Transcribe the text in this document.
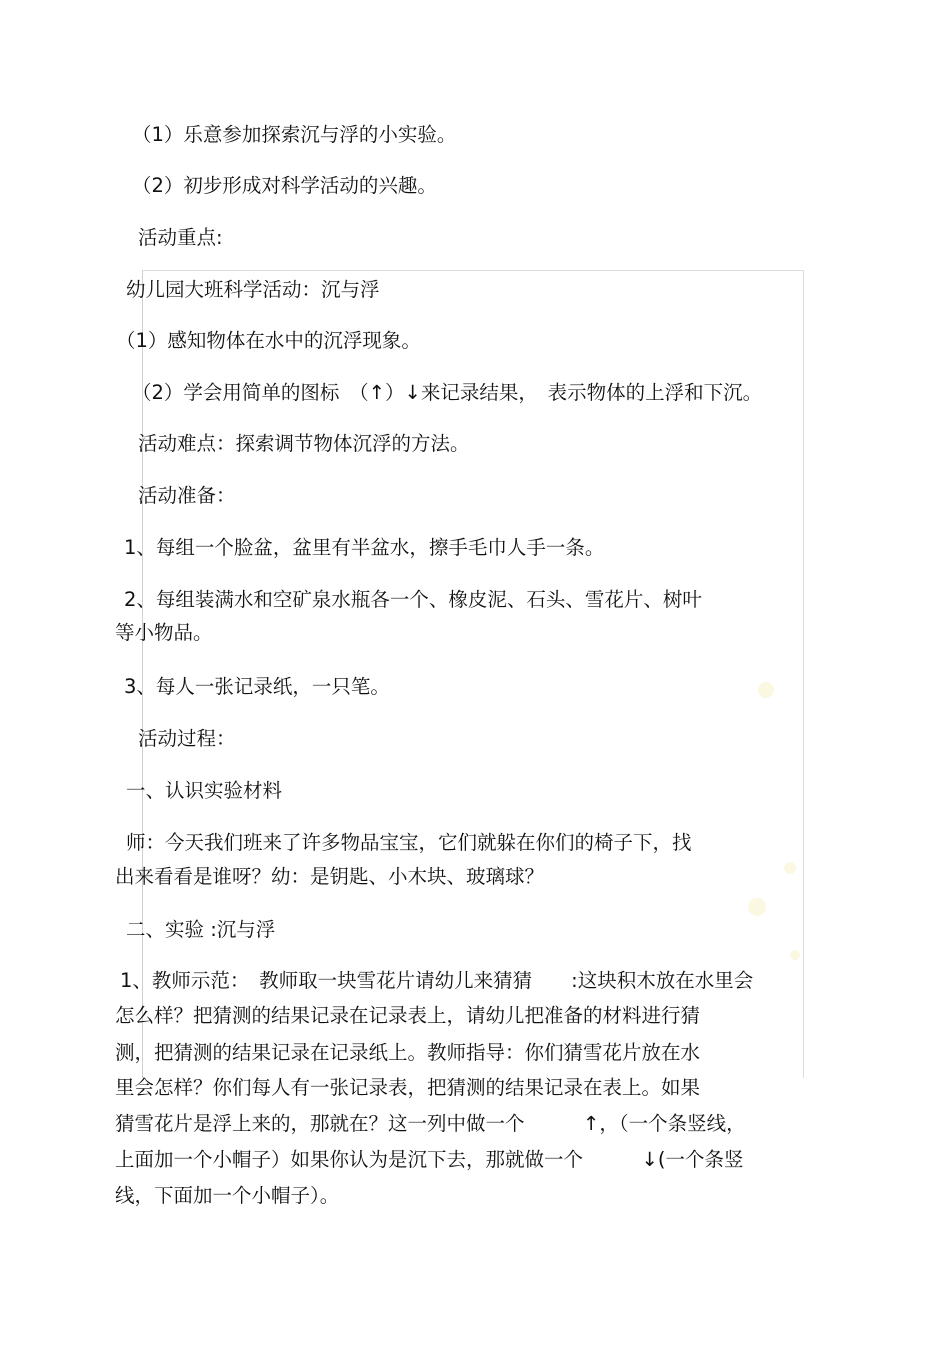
（1）乐意参加探索沉与浮的小实验。

（2）初步形成对科学活动的兴趣。

活动重点:

幼儿园大班科学活动：沉与浮

（1）感知物体在水中的沉浮现象。

（2）学会用简单的图标　（↑）↓来记录结果，　表示物体的上浮和下沉。

活动难点：探索调节物体沉浮的方法。

活动准备：

1、每组一个脸盆，盆里有半盆水，擦手毛巾人手一条。

2、每组装满水和空矿泉水瓶各一个、橡皮泥、石头、雪花片、树叶

等小物品。

3、每人一张记录纸，一只笔。

活动过程：

一、认识实验材料

师：今天我们班来了许多物品宝宝，它们就躲在你们的椅子下，找

出来看看是谁呀？幼：是钥匙、小木块、玻璃球？

二、实验 :沉与浮

1、教师示范：　教师取一块雪花片请幼儿来猜猜　　:这块积木放在水里会

怎么样？把猜测的结果记录在记录表上，请幼儿把准备的材料进行猜

测，把猜测的结果记录在记录纸上。教师指导：你们猜雪花片放在水

里会怎样？你们每人有一张记录表，把猜测的结果记录在表上。如果

猜雪花片是浮上来的，那就在？这一列中做一个　　　↑，（一个条竖线，

上面加一个小帽子）如果你认为是沉下去，那就做一个　　　↓(一个条竖

线，下面加一个小帽子）。
